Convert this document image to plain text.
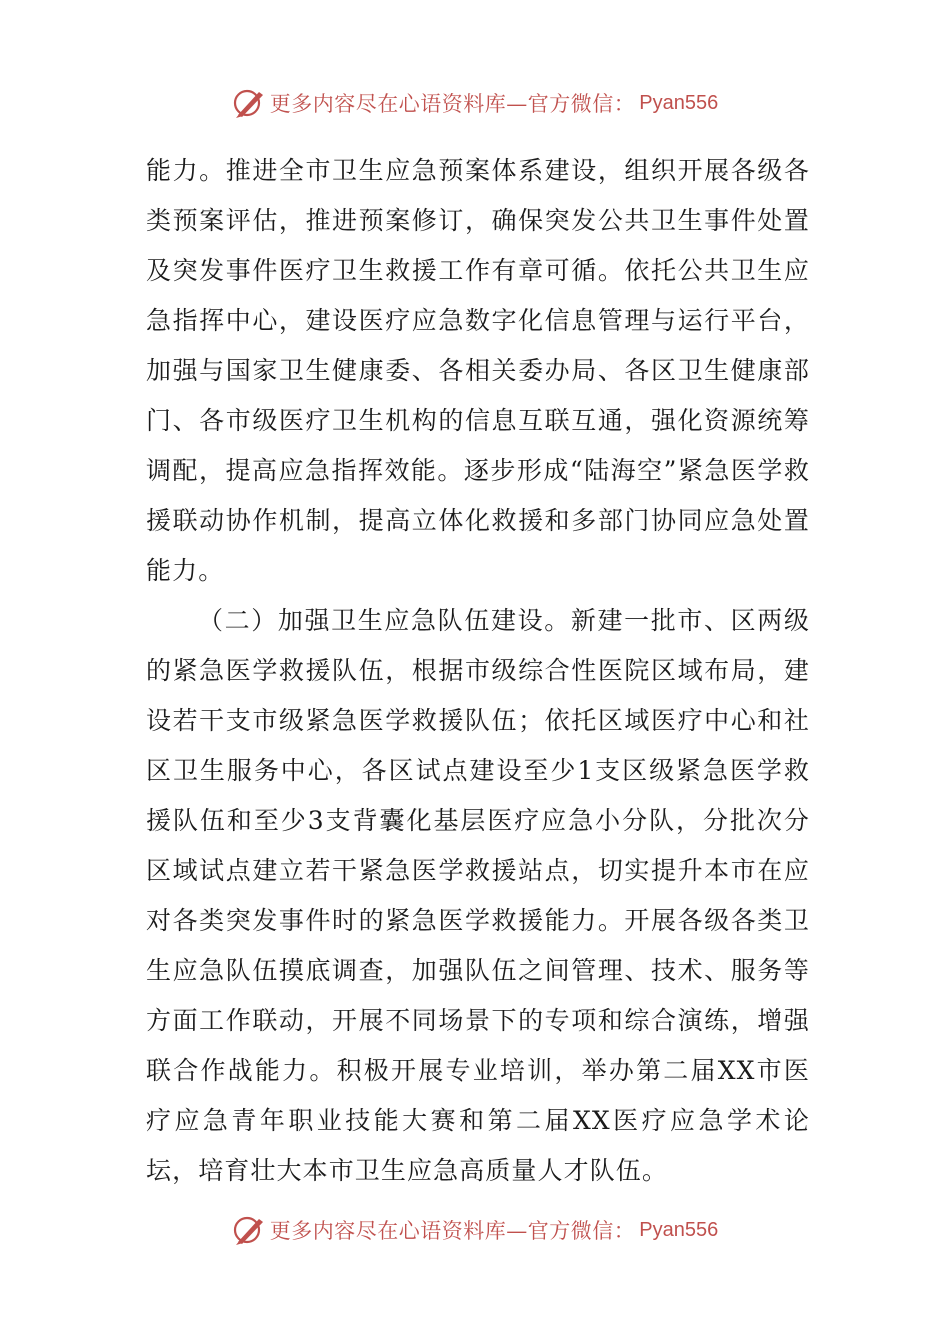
更多内容尽在心语资料库—官方微信： Pyan556

能力。推进全市卫生应急预案体系建设，组织开展各级各类预案评估，推进预案修订，确保突发公共卫生事件处置及突发事件医疗卫生救援工作有章可循。依托公共卫生应急指挥中心，建设医疗应急数字化信息管理与运行平台，加强与国家卫生健康委、各相关委办局、各区卫生健康部门、各市级医疗卫生机构的信息互联互通，强化资源统筹调配，提高应急指挥效能。逐步形成“陆海空”紧急医学救援联动协作机制，提高立体化救援和多部门协同应急处置能力。

（二）加强卫生应急队伍建设。新建一批市、区两级的紧急医学救援队伍，根据市级综合性医院区域布局，建设若干支市级紧急医学救援队伍；依托区域医疗中心和社区卫生服务中心，各区试点建设至少1支区级紧急医学救援队伍和至少3支背囊化基层医疗应急小分队，分批次分区域试点建立若干紧急医学救援站点，切实提升本市在应对各类突发事件时的紧急医学救援能力。开展各级各类卫生应急队伍摸底调查，加强队伍之间管理、技术、服务等方面工作联动，开展不同场景下的专项和综合演练，增强联合作战能力。积极开展专业培训，举办第二届XX市医疗应急青年职业技能大赛和第二届XX医疗应急学术论坛，培育壮大本市卫生应急高质量人才队伍。

更多内容尽在心语资料库—官方微信： Pyan556
